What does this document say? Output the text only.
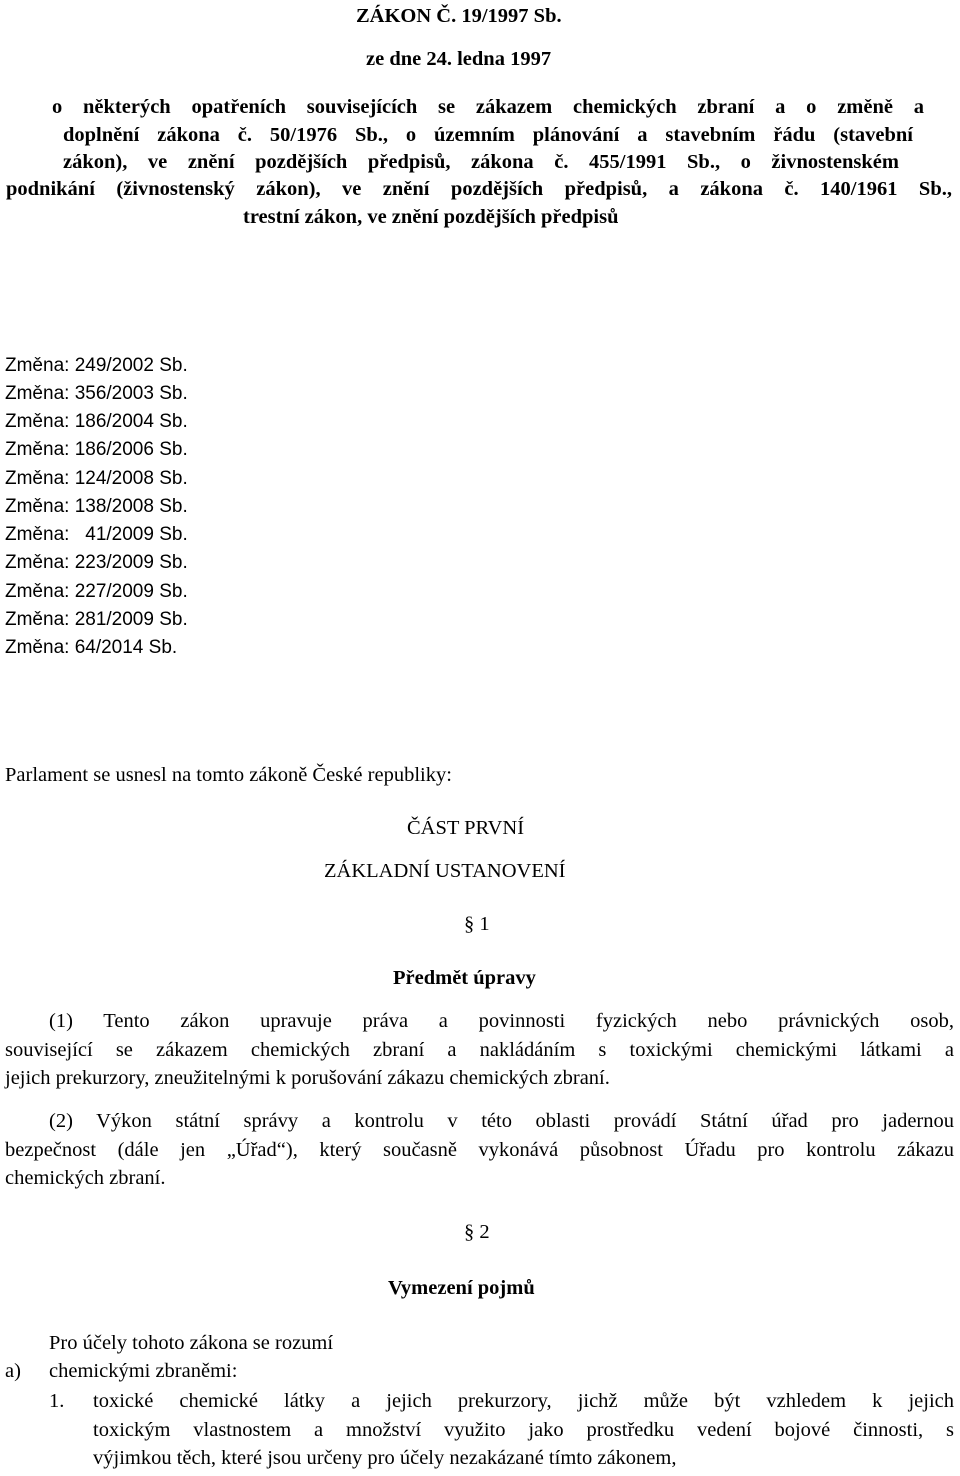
ZÁKON Č. 19/1997 Sb.
ze dne 24. ledna 1997
o některých opatřeních souvisejících se zákazem chemických zbraní a o změně a
doplnění zákona č. 50/1976 Sb., o územním plánování a stavebním řádu (stavební
zákon), ve znění pozdějších předpisů, zákona č. 455/1991 Sb., o živnostenském
podnikání (živnostenský zákon), ve znění pozdějších předpisů, a zákona č. 140/1961 Sb.,
trestní zákon, ve znění pozdějších předpisů
Změna: 249/2002 Sb.
Změna: 356/2003 Sb.
Změna: 186/2004 Sb.
Změna: 186/2006 Sb.
Změna: 124/2008 Sb.
Změna: 138/2008 Sb.
Změna:   41/2009 Sb.
Změna: 223/2009 Sb.
Změna: 227/2009 Sb.
Změna: 281/2009 Sb.
Změna: 64/2014 Sb.
Parlament se usnesl na tomto zákoně České republiky:
ČÁST PRVNÍ
ZÁKLADNÍ USTANOVENÍ
§ 1
Předmět úpravy
(1) Tento zákon upravuje práva a povinnosti fyzických nebo právnických osob,
související se zákazem chemických zbraní a nakládáním s toxickými chemickými látkami a
jejich prekurzory, zneužitelnými k porušování zákazu chemických zbraní.
(2) Výkon státní správy a kontrolu v této oblasti provádí Státní úřad pro jadernou
bezpečnost (dále jen „Úřad“), který současně vykonává působnost Úřadu pro kontrolu zákazu
chemických zbraní.
§ 2
Vymezení pojmů
Pro účely tohoto zákona se rozumí
a) chemickými zbraněmi:
1. toxické chemické látky a jejich prekurzory, jichž může být vzhledem k jejich
toxickým vlastnostem a množství využito jako prostředku vedení bojové činnosti, s
výjimkou těch, které jsou určeny pro účely nezakázané tímto zákonem,
